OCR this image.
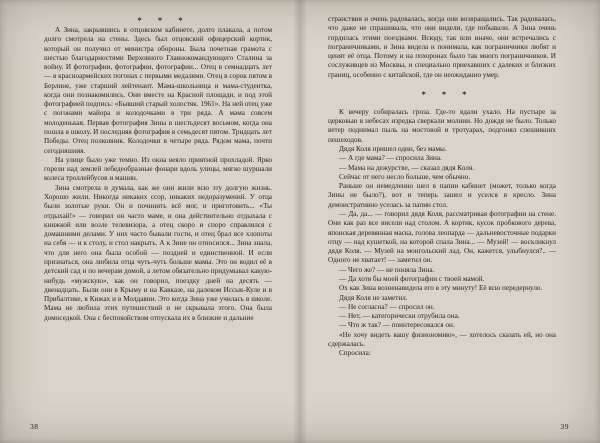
* * *

А Зина, закрывшись в отцовском кабинете, долго плакала, а потом долго смотрела на стены. Здесь был отцовский офицерский кортик, который он получил от министра обороны. Была почетная грамота с шестью благодарностями Верховного Главнокомандующего Сталина за войну. И фотографии, фотографии, фотографии... Отец в семнадцать лет — в красноармейских погонах с первыми медалями. Отец в сорок пятом в Берлине, уже старший лейтенант. Мама-школьница и мама-студентка, когда они познакомились. Они вместе на Красной площади, и под этой фотографией подпись: «Бывший старый холостяк. 1961». На ней отец уже с погонами майора и колодочками в три ряда. А мама совсем молоденькая. Первая фотография Зины в шестьдесят восьмом, когда она пошла в школу. И последняя фотография в семьдесят пятом. Тридцать лет Победы. Отец полковник. Колодочки в четыре ряда. Рядом мама, почти сегодняшняя.

На улице было уже темно. Из окна веяло приятной прохладой. Ярко горели над землей лебедеобразные фонари вдоль улицы, мягко шуршали колеса троллейбусов и машин.

Зина смотрела и думала, как же они жили всю эту долгую жизнь. Хорошо жили. Никогда никаких ссор, никаких недоразумений. У отца были золотые руки. Он и починить всё мог, и приготовить... «Ты отдыхай!» — говорил он часто маме, и она действительно отдыхала с книжкой или возле телевизора, а отец скоро и споро справлялся с домашними делами. У них часто бывали гости, и отец брал все хлопоты на себя — и к столу, и стол накрыть. А к Зине он относился... Зина знала, что для него она была особой — поздней и единственной. И если признаться, она любила отца чуть-чуть больше мамы. Это он водил её в детский сад и по вечерам домой, а летом обязательно придумывал какую-нибудь «мужскую», как он говорил, поездку дней на десять — двенадцать. Были они в Крыму и на Кавказе, на далеком Иссык-Куле и в Прибалтике, в Кижах и в Молдавии. Это когда Зина уже училась в школе. Мама не любила этих путешествий и не скрывала этого. Она была домоседкой. Она с беспокойством отпускала их в близкие и дальние

38

странствия и очень радовалась, когда они возвращались. Так радовалась, что даже не спрашивала, что они видели, где побывали. А Зина очень гордилась этими поездками. Всюду, так или иначе, они встречались с пограничниками, и Зина видела и понимала, как пограничники любят и ценят её отца. Потому и на похоронах было так много пограничников. И сослуживцев из Москвы, и специально приехавших с далеких и близких границ, особенно с китайской, где он неожиданно умер.

* * *

К вечеру собиралась гроза. Где-то вдали ухало. На пустыре за церковью в небесах изредка сверкали молнии. Но дождя не было. Только ветер поднимал пыль на мостовой и тротуарах, подгонял спешивших пешеходов.

Дядя Коля пришел один, без мамы.

— А где мама? — спросила Зина.

— Мама на дежурстве, — сказал дядя Коля.

Сейчас от него несло больше, чем обычно.

Раньше он немедленно шел в папин кабинет (может, только когда Зины не было?), вот и теперь зашел и уселся в кресло. Зина демонстративно уселась за папин стол.

— Да, да... — говорил дядя Коля, рассматривая фотографии на стене. Они как раз все висели над столом. А кортик, кусок пробкового дерева, японская деревянная маска, голова леопарда — дальневосточные подарки отцу — над кушеткой, на которой спала Зина... — Музей! — воскликнул дядя Коля. — Музей на монгольский лад. Он, кажется, улыбнулся?.. — Одного не хватает! — заметил он.

— Чего же? — не поняла Зина.

— Да хотя бы моей фотографии с твоей мамой.

Ох как Зина возненавидела его в эту минуту! Её всю передернуло.

Дядя Коля не заметил.

— Не согласна? — спросил он.

— Нет, — категорически отрубила она.

— Что ж так? — поинтересовался он.

«Не хочу видеть вашу физиономию», — хотелось сказать ей, но она сдержалась.

Спросила:

39
